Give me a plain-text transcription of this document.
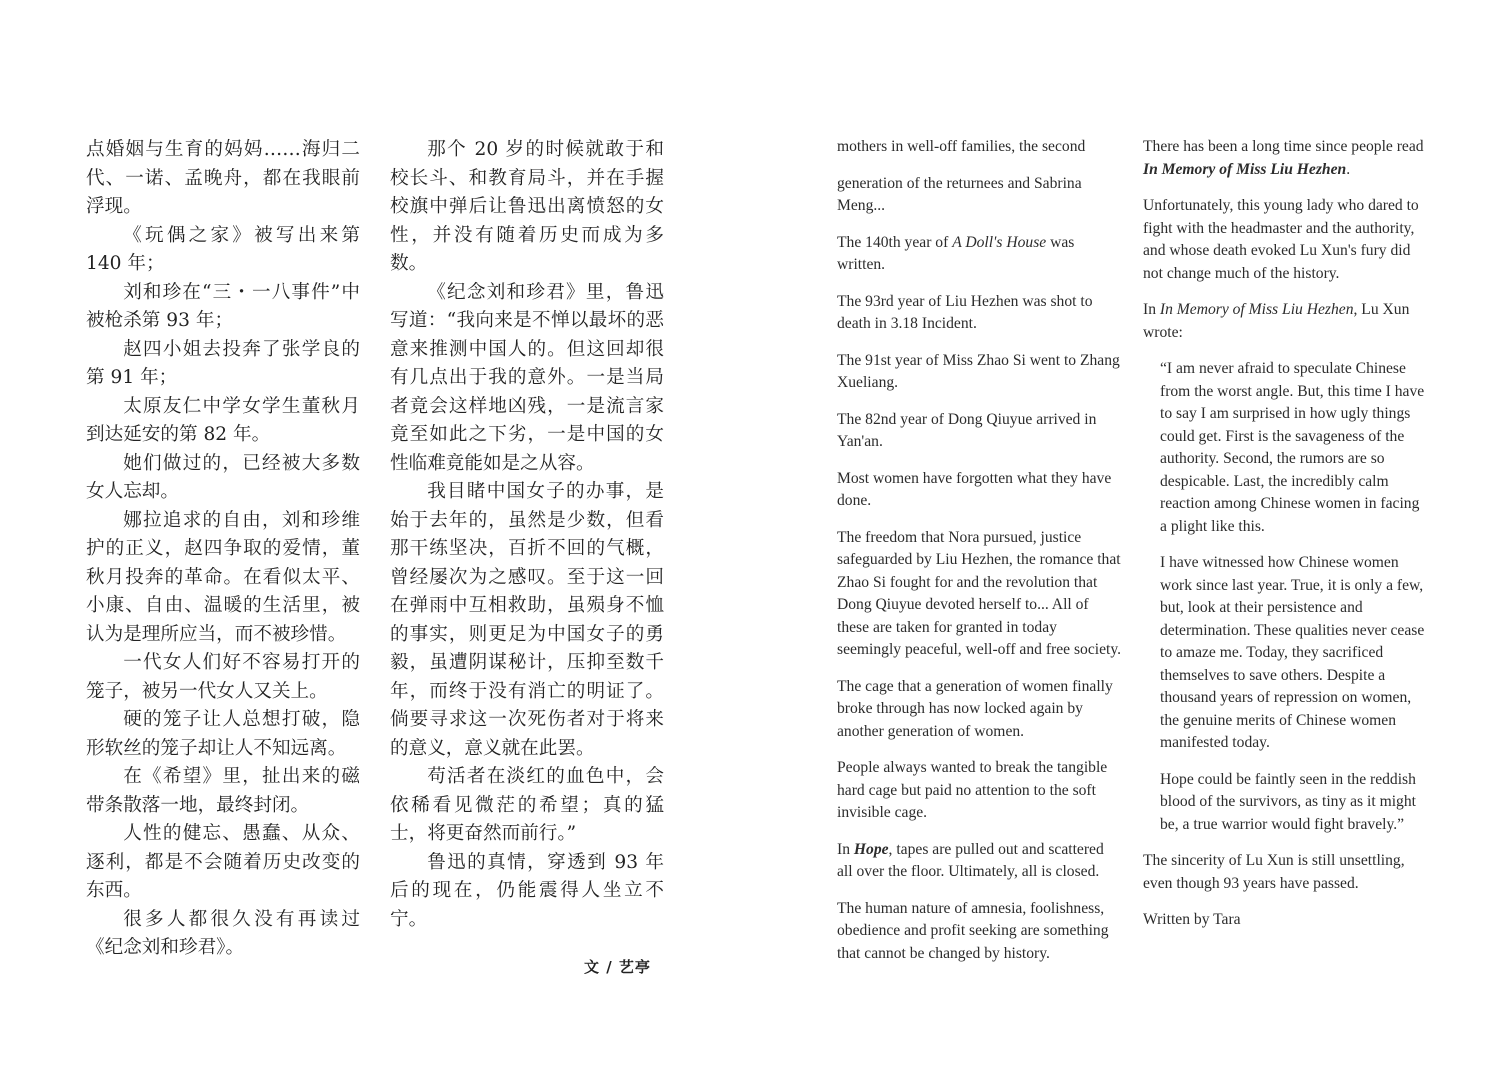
点婚姻与生育的妈妈……海归二代、一诺、孟晚舟，都在我眼前浮现。

《玩偶之家》被写出来第 140 年；

刘和珍在“三・一八事件”中被枪杀第 93 年；

赵四小姐去投奔了张学良的第 91 年；

太原友仁中学女学生董秋月到达延安的第 82 年。

她们做过的，已经被大多数女人忘却。

娜拉追求的自由，刘和珍维护的正义，赵四争取的爱情，董秋月投奔的革命。在看似太平、小康、自由、温暖的生活里，被认为是理所应当，而不被珍惜。

一代女人们好不容易打开的笼子，被另一代女人又关上。

硬的笼子让人总想打破，隐形软丝的笼子却让人不知远离。

在《希望》里，扯出来的磁带条散落一地，最终封闭。

人性的健忘、愚蠢、从众、逐利，都是不会随着历史改变的东西。

很多人都很久没有再读过《纪念刘和珍君》。

那个 20 岁的时候就敢于和校长斗、和教育局斗，并在手握校旗中弹后让鲁迅出离愤怒的女性，并没有随着历史而成为多数。

《纪念刘和珍君》里，鲁迅写道：“我向来是不惮以最坏的恶意来推测中国人的。但这回却很有几点出于我的意外。一是当局者竟会这样地凶残，一是流言家竟至如此之下劣，一是中国的女性临难竟能如是之从容。

我目睹中国女子的办事，是始于去年的，虽然是少数，但看那干练坚决，百折不回的气概，曾经屡次为之感叹。至于这一回在弹雨中互相救助，虽殒身不恤的事实，则更足为中国女子的勇毅，虽遭阴谋秘计，压抑至数千年，而终于没有消亡的明证了。倘要寻求这一次死伤者对于将来的意义，意义就在此罢。

苟活者在淡红的血色中，会依稀看见微茫的希望；真的猛士，将更奋然而前行。”

鲁迅的真情，穿透到 93 年后的现在，仍能震得人坐立不宁。

文 / 艺亭

mothers in well-off families, the second

generation of the returnees and Sabrina Meng...

The 140th year of A Doll's House was written.

The 93rd year of Liu Hezhen was shot to death in 3.18 Incident.

The 91st year of Miss Zhao Si went to Zhang Xueliang.

The 82nd year of Dong Qiuyue arrived in Yan'an.

Most women have forgotten what they have done.

The freedom that Nora pursued, justice safeguarded by Liu Hezhen, the romance that Zhao Si fought for and the revolution that Dong Qiuyue devoted herself to... All of these are taken for granted in today seemingly peaceful, well-off and free society.

The cage that a generation of women finally broke through has now locked again by another generation of women.

People always wanted to break the tangible hard cage but paid no attention to the soft invisible cage.

In Hope, tapes are pulled out and scattered all over the floor. Ultimately, all is closed.

The human nature of amnesia, foolishness, obedience and profit seeking are something that cannot be changed by history.

There has been a long time since people read In Memory of Miss Liu Hezhen.

Unfortunately, this young lady who dared to fight with the headmaster and the authority, and whose death evoked Lu Xun's fury did not change much of the history.

In In Memory of Miss Liu Hezhen, Lu Xun wrote:

“I am never afraid to speculate Chinese from the worst angle. But, this time I have to say I am surprised in how ugly things could get. First is the savageness of the authority. Second, the rumors are so despicable. Last, the incredibly calm reaction among Chinese women in facing a plight like this.

I have witnessed how Chinese women work since last year. True, it is only a few, but, look at their persistence and determination. These qualities never cease to amaze me. Today, they sacrificed themselves to save others. Despite a thousand years of repression on women, the genuine merits of Chinese women manifested today.

Hope could be faintly seen in the reddish blood of the survivors, as tiny as it might be, a true warrior would fight bravely.”

The sincerity of Lu Xun is still unsettling, even though 93 years have passed.

Written by Tara
